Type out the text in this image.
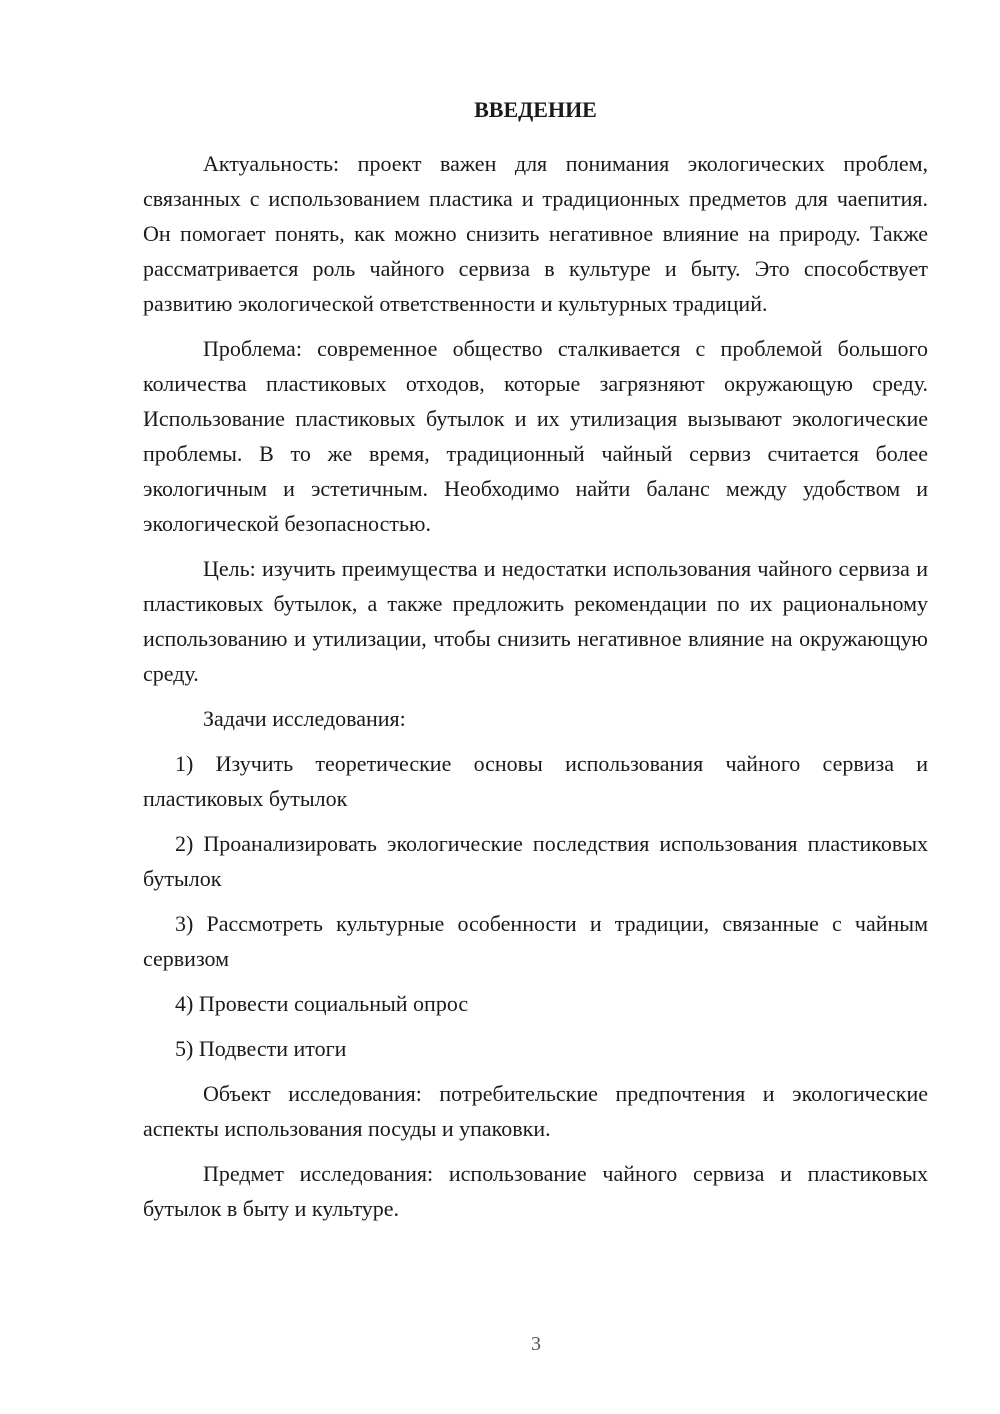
ВВЕДЕНИЕ

Актуальность: проект важен для понимания экологических проблем, связанных с использованием пластика и традиционных предметов для чаепития. Он помогает понять, как можно снизить негативное влияние на природу. Также рассматривается роль чайного сервиза в культуре и быту. Это способствует развитию экологической ответственности и культурных традиций.

Проблема: современное общество сталкивается с проблемой большого количества пластиковых отходов, которые загрязняют окружающую среду. Использование пластиковых бутылок и их утилизация вызывают экологические проблемы. В то же время, традиционный чайный сервиз считается более экологичным и эстетичным. Необходимо найти баланс между удобством и экологической безопасностью.

Цель: изучить преимущества и недостатки использования чайного сервиза и пластиковых бутылок, а также предложить рекомендации по их рациональному использованию и утилизации, чтобы снизить негативное влияние на окружающую среду.

Задачи исследования:

1) Изучить теоретические основы использования чайного сервиза и пластиковых бутылок

2) Проанализировать экологические последствия использования пластиковых бутылок

3) Рассмотреть культурные особенности и традиции, связанные с чайным сервизом

4) Провести социальный опрос

5) Подвести итоги

Объект исследования: потребительские предпочтения и экологические аспекты использования посуды и упаковки.

Предмет исследования: использование чайного сервиза и пластиковых бутылок в быту и культуре.

3
